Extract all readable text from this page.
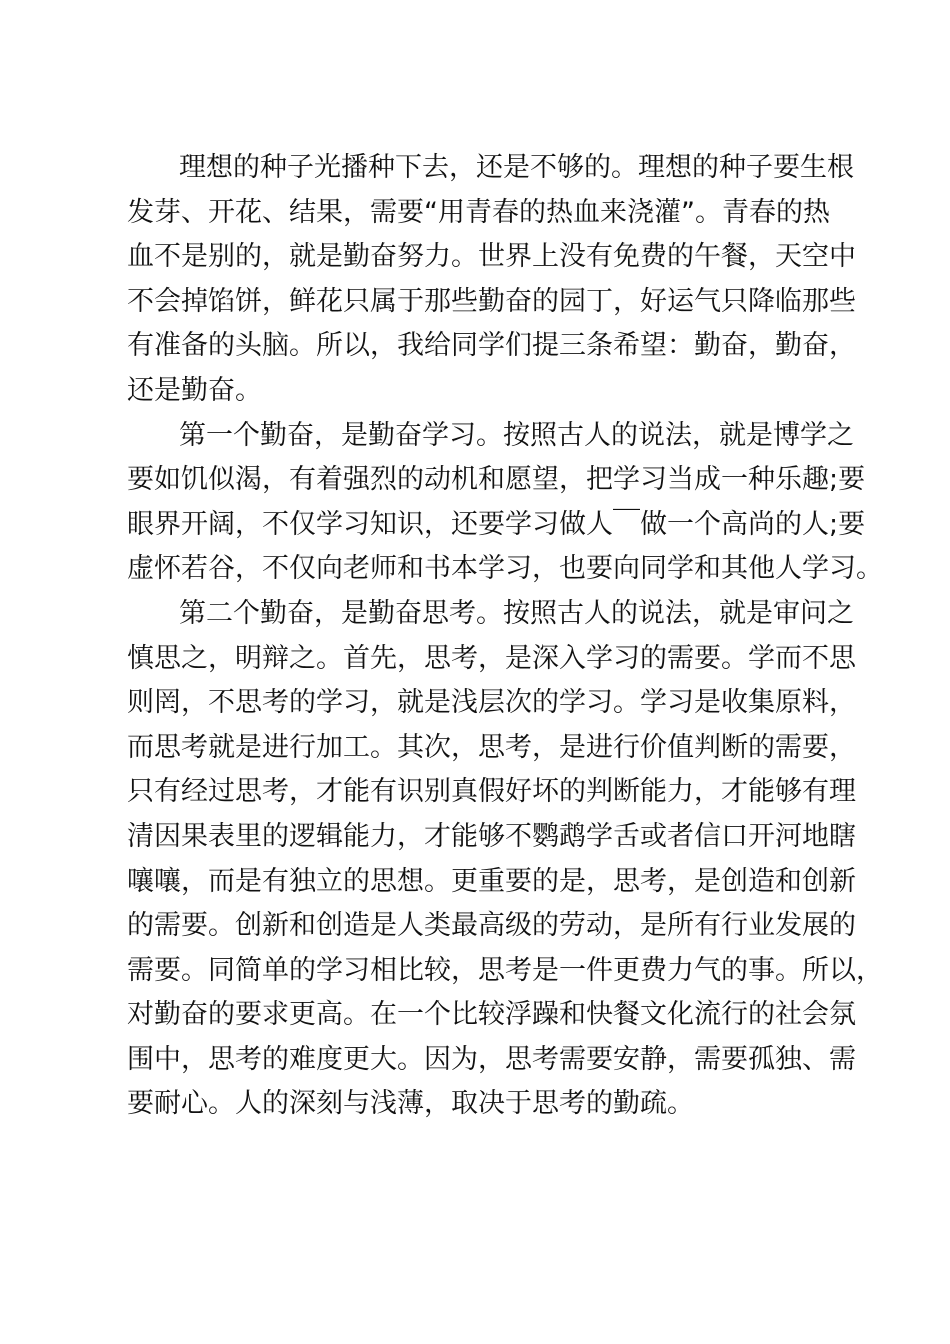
理想的种子光播种下去，还是不够的。理想的种子要生根
发芽、开花、结果，需要“用青春的热血来浇灌”。青春的热
血不是别的，就是勤奋努力。世界上没有免费的午餐，天空中
不会掉馅饼，鲜花只属于那些勤奋的园丁，好运气只降临那些
有准备的头脑。所以，我给同学们提三条希望：勤奋，勤奋，
还是勤奋。
第一个勤奋，是勤奋学习。按照古人的说法，就是博学之
要如饥似渴，有着强烈的动机和愿望，把学习当成一种乐趣;要
眼界开阔，不仅学习知识，还要学习做人￣做一个高尚的人;要
虚怀若谷，不仅向老师和书本学习，也要向同学和其他人学习。
第二个勤奋，是勤奋思考。按照古人的说法，就是审问之
慎思之，明辩之。首先，思考，是深入学习的需要。学而不思
则罔，不思考的学习，就是浅层次的学习。学习是收集原料，
而思考就是进行加工。其次，思考，是进行价值判断的需要，
只有经过思考，才能有识别真假好坏的判断能力，才能够有理
清因果表里的逻辑能力，才能够不鹦鹉学舌或者信口开河地瞎
嚷嚷，而是有独立的思想。更重要的是，思考，是创造和创新
的需要。创新和创造是人类最高级的劳动，是所有行业发展的
需要。同简单的学习相比较，思考是一件更费力气的事。所以，
对勤奋的要求更高。在一个比较浮躁和快餐文化流行的社会氛
围中，思考的难度更大。因为，思考需要安静，需要孤独、需
要耐心。人的深刻与浅薄，取决于思考的勤疏。
